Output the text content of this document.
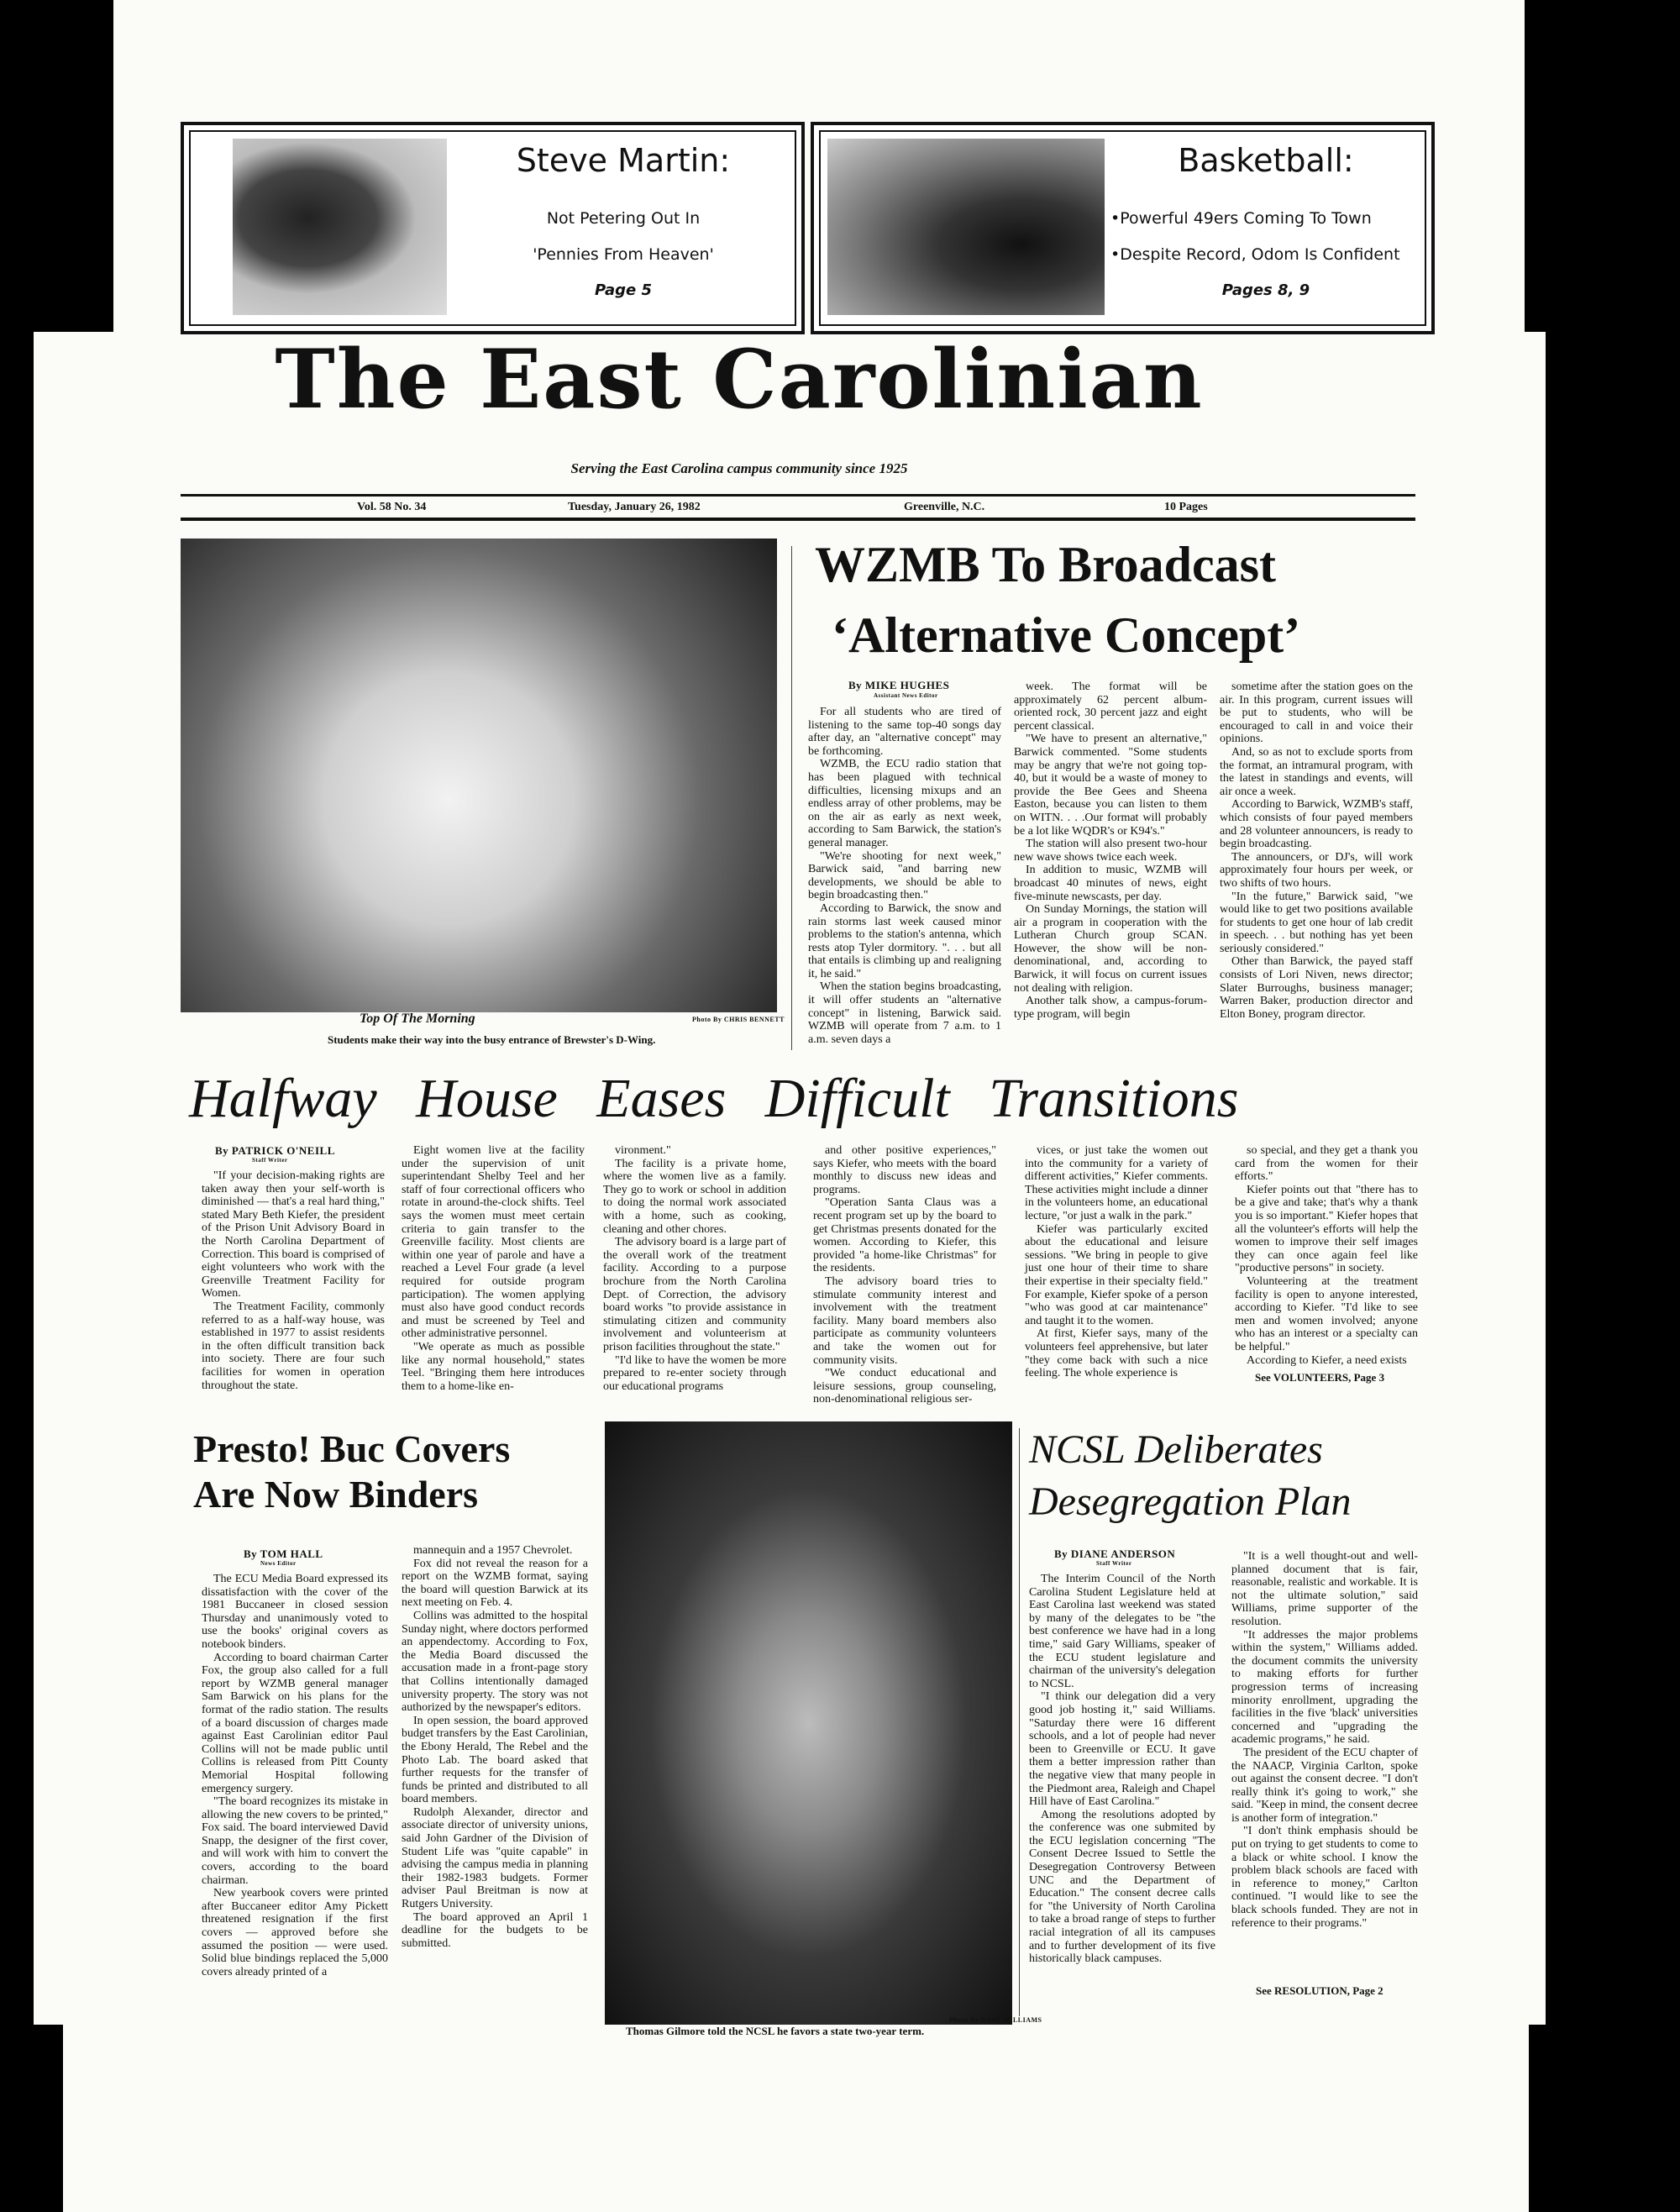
Steve Martin:
Not Petering Out In
'Pennies From Heaven'
Page 5
Basketball:
•Powerful 49ers Coming To Town
•Despite Record, Odom Is Confident
Pages 8, 9
The East Carolinian
Serving the East Carolina campus community since 1925
Vol. 58 No. 34	Tuesday, January 26, 1982	Greenville, N.C.	10 Pages
Photo By CHRIS BENNETT
Top Of The Morning
Students make their way into the busy entrance of Brewster's D-Wing.
WZMB To Broadcast
‘Alternative Concept’
By MIKE HUGHES
Assistant News Editor

For all students who are tired of listening to the same top-40 songs day after day, an "alternative concept" may be forthcoming.

WZMB, the ECU radio station that has been plagued with technical difficulties, licensing mixups and an endless array of other problems, may be on the air as early as next week, according to Sam Barwick, the station's general manager.

"We're shooting for next week," Barwick said, "and barring new developments, we should be able to begin broadcasting then."

According to Barwick, the snow and rain storms last week caused minor problems to the station's antenna, which rests atop Tyler dormitory. ". . . but all that entails is climbing up and realigning it, he said."

When the station begins broadcasting, it will offer students an "alternative concept" in listening, Barwick said. WZMB will operate from 7 a.m. to 1 a.m. seven days a

week. The format will be approximately 62 percent album-oriented rock, 30 percent jazz and eight percent classical.

"We have to present an alternative," Barwick commented. "Some students may be angry that we're not going top-40, but it would be a waste of money to provide the Bee Gees and Sheena Easton, because you can listen to them on WITN. . . .Our format will probably be a lot like WQDR's or K94's."

The station will also present two-hour new wave shows twice each week.

In addition to music, WZMB will broadcast 40 minutes of news, eight five-minute newscasts, per day.

On Sunday Mornings, the station will air a program in cooperation with the Lutheran Church group SCAN. However, the show will be non-denominational, and, according to Barwick, it will focus on current issues not dealing with religion.

Another talk show, a campus-forum-type program, will begin

sometime after the station goes on the air. In this program, current issues will be put to students, who will be encouraged to call in and voice their opinions.

And, so as not to exclude sports from the format, an intramural program, with the latest in standings and events, will air once a week.

According to Barwick, WZMB's staff, which consists of four payed members and 28 volunteer announcers, is ready to begin broadcasting.

The announcers, or DJ's, will work approximately four hours per week, or two shifts of two hours.

"In the future," Barwick said, "we would like to get two positions available for students to get one hour of lab credit in speech. . . but nothing has yet been seriously considered."

Other than Barwick, the payed staff consists of Lori Niven, news director; Slater Burroughs, business manager; Warren Baker, production director and Elton Boney, program director.

Halfway House Eases Difficult Transitions
By PATRICK O'NEILL
Staff Writer

"If your decision-making rights are taken away then your self-worth is diminished — that's a real hard thing," stated Mary Beth Kiefer, the president of the Prison Unit Advisory Board in the North Carolina Department of Correction. This board is comprised of eight volunteers who work with the Greenville Treatment Facility for Women.

The Treatment Facility, commonly referred to as a half-way house, was established in 1977 to assist residents in the often difficult transition back into society. There are four such facilities for women in operation throughout the state.

Eight women live at the facility under the supervision of unit superintendant Shelby Teel and her staff of four correctional officers who rotate in around-the-clock shifts. Teel says the women must meet certain criteria to gain transfer to the Greenville facility. Most clients are within one year of parole and have a reached a Level Four grade (a level required for outside program participation). The women applying must also have good conduct records and must be screened by Teel and other administrative personnel.

"We operate as much as possible like any normal household," states Teel. "Bringing them here introduces them to a home-like en-

vironment."

The facility is a private home, where the women live as a family. They go to work or school in addition to doing the normal work associated with a home, such as cooking, cleaning and other chores.

The advisory board is a large part of the overall work of the treatment facility. According to a purpose brochure from the North Carolina Dept. of Correction, the advisory board works "to provide assistance in stimulating citizen and community involvement and volunteerism at prison facilities throughout the state."

"I'd like to have the women be more prepared to re-enter society through our educational programs

and other positive experiences," says Kiefer, who meets with the board monthly to discuss new ideas and programs.

"Operation Santa Claus was a recent program set up by the board to get Christmas presents donated for the women. According to Kiefer, this provided "a home-like Christmas" for the residents.

The advisory board tries to stimulate community interest and involvement with the treatment facility. Many board members also participate as community volunteers and take the women out for community visits.

"We conduct educational and leisure sessions, group counseling, non-denominational religious ser-

vices, or just take the women out into the community for a variety of different activities," Kiefer comments. These activities might include a dinner in the volunteers home, an educational lecture, "or just a walk in the park."

Kiefer was particularly excited about the educational and leisure sessions. "We bring in people to give just one hour of their time to share their expertise in their specialty field." For example, Kiefer spoke of a person "who was good at car maintenance" and taught it to the women.

At first, Kiefer says, many of the volunteers feel apprehensive, but later "they come back with such a nice feeling. The whole experience is

so special, and they get a thank you card from the women for their efforts."

Kiefer points out that "there has to be a give and take; that's why a thank you is so important." Kiefer hopes that all the volunteer's efforts will help the women to improve their self images they can once again feel like "productive persons" in society.

Volunteering at the treatment facility is open to anyone interested, according to Kiefer. "I'd like to see men and women involved; anyone who has an interest or a specialty can be helpful."

According to Kiefer, a need exists

See VOLUNTEERS, Page 3
Presto! Buc Covers
Are Now Binders
By TOM HALL
News Editor

The ECU Media Board expressed its dissatisfaction with the cover of the 1981 Buccaneer in closed session Thursday and unanimously voted to use the books' original covers as notebook binders.

According to board chairman Carter Fox, the group also called for a full report by WZMB general manager Sam Barwick on his plans for the format of the radio station. The results of a board discussion of charges made against East Carolinian editor Paul Collins will not be made public until Collins is released from Pitt County Memorial Hospital following emergency surgery.

"The board recognizes its mistake in allowing the new covers to be printed," Fox said. The board interviewed David Snapp, the designer of the first cover, and will work with him to convert the covers, according to the board chairman.

New yearbook covers were printed after Buccaneer editor Amy Pickett threatened resignation if the first covers — approved before she assumed the position — were used. Solid blue bindings replaced the 5,000 covers already printed of a

mannequin and a 1957 Chevrolet.

Fox did not reveal the reason for a report on the WZMB format, saying the board will question Barwick at its next meeting on Feb. 4.

Collins was admitted to the hospital Sunday night, where doctors performed an appendectomy. According to Fox, the Media Board discussed the accusation made in a front-page story that Collins intentionally damaged university property. The story was not authorized by the newspaper's editors.

In open session, the board approved budget transfers by the East Carolinian, the Ebony Herald, The Rebel and the Photo Lab. The board asked that further requests for the transfer of funds be printed and distributed to all board members.

Rudolph Alexander, director and associate director of university unions, said John Gardner of the Division of Student Life was "quite capable" in advising the campus media in planning their 1982-1983 budgets. Former adviser Paul Breitman is now at Rutgers University.

The board approved an April 1 deadline for the budgets to be submitted.

Photo By DAVE WILLIAMS
Thomas Gilmore told the NCSL he favors a state two-year term.
NCSL Deliberates
Desegregation Plan
By DIANE ANDERSON
Staff Writer

The Interim Council of the North Carolina Student Legislature held at East Carolina last weekend was stated by many of the delegates to be "the best conference we have had in a long time," said Gary Williams, speaker of the ECU student legislature and chairman of the university's delegation to NCSL.

"I think our delegation did a very good job hosting it," said Williams. "Saturday there were 16 different schools, and a lot of people had never been to Greenville or ECU. It gave them a better impression rather than the negative view that many people in the Piedmont area, Raleigh and Chapel Hill have of East Carolina."

Among the resolutions adopted by the conference was one submited by the ECU legislation concerning "The Consent Decree Issued to Settle the Desegregation Controversy Between UNC and the Department of Education." The consent decree calls for "the University of North Carolina to take a broad range of steps to further racial integration of all its campuses and to further development of its five historically black campuses.

"It is a well thought-out and well-planned document that is fair, reasonable, realistic and workable. It is not the ultimate solution," said Williams, prime supporter of the resolution.

"It addresses the major problems within the system," Williams added. the document commits the university to making efforts for further progression terms of increasing minority enrollment, upgrading the facilities in the five 'black' universities concerned and "upgrading the academic programs," he said.

The president of the ECU chapter of the NAACP, Virginia Carlton, spoke out against the consent decree. "I don't really think it's going to work," she said. "Keep in mind, the consent decree is another form of integration."

"I don't think emphasis should be put on trying to get students to come to a black or white school. I know the problem black schools are faced with in reference to money," Carlton continued. "I would like to see the black schools funded. They are not in reference to their programs."

See RESOLUTION, Page 2
